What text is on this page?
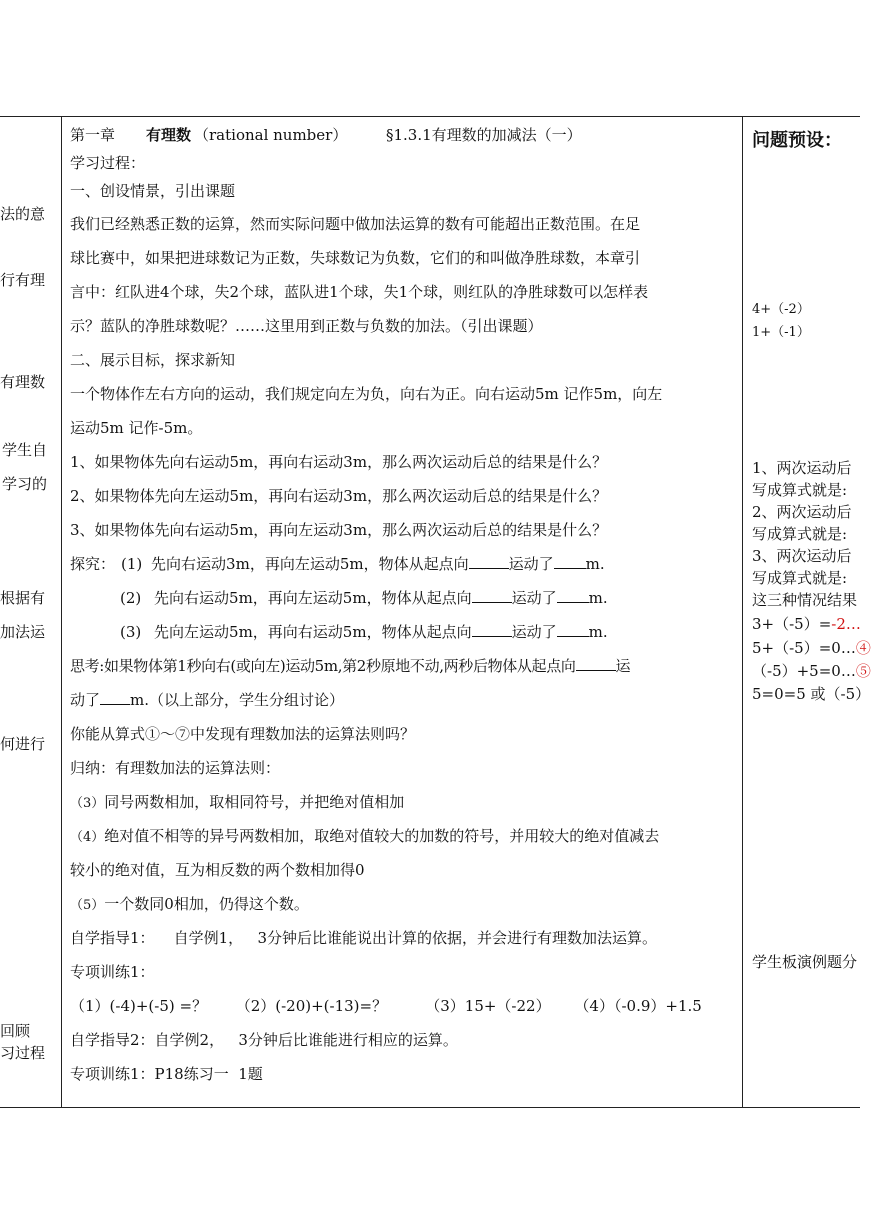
法的意
行有理
有理数
学生自
学习的
根据有
加法运
何进行
回顾
习过程
第一章 有理数 （rational number）	§1.3.1有理数的加减法（一）
学习过程：
一、创设情景，引出课题
我们已经熟悉正数的运算，然而实际问题中做加法运算的数有可能超出正数范围。在足
球比赛中，如果把进球数记为正数，失球数记为负数，它们的和叫做净胜球数，本章引
言中：红队进4个球，失2个球，蓝队进1个球，失1个球，则红队的净胜球数可以怎样表
示？蓝队的净胜球数呢？……这里用到正数与负数的加法。（引出课题）
二、展示目标，探求新知
一个物体作左右方向的运动，我们规定向左为负，向右为正。向右运动5m 记作5m，向左
运动5m 记作-5m。
1、如果物体先向右运动5m，再向右运动3m，那么两次运动后总的结果是什么？
2、如果物体先向左运动5m，再向右运动3m，那么两次运动后总的结果是什么？
3、如果物体先向右运动5m，再向左运动3m，那么两次运动后总的结果是什么？
探究： (1) 先向右运动3m，再向左运动5m，物体从起点向	运动了 m.
(2) 先向右运动5m，再向左运动5m，物体从起点向	运动了 m.
(3) 先向左运动5m，再向右运动5m，物体从起点向	运动了 m.
思考:如果物体第1秒向右(或向左)运动5m,第2秒原地不动,两秒后物体从起点向	运
动了 m.（以上部分，学生分组讨论）
你能从算式①～⑦中发现有理数加法的运算法则吗？
归纳：有理数加法的运算法则：
（3）同号两数相加，取相同符号，并把绝对值相加
（4）绝对值不相等的异号两数相加，取绝对值较大的加数的符号，并用较大的绝对值减去
较小的绝对值，互为相反数的两个数相加得0
（5）一个数同0相加，仍得这个数。
自学指导1：    自学例1，   3分钟后比谁能说出计算的依据，并会进行有理数加法运算。
专项训练1：
（1）(-4)+(-5) =？      （2）(-20)+(-13)=？        （3）15+（-22）     （4）（-0.9）+1.5
自学指导2：自学例2，   3分钟后比谁能进行相应的运算。
专项训练1：P18练习一  1题
问题预设：
4+（-2）
1+（-1）
1、两次运动后
写成算式就是:
2、两次运动后
写成算式就是:
3、两次运动后
写成算式就是:
这三种情况结果
3+（-5）=-2…
5+（-5）=0…④
（-5）+5=0…⑤
5=0=5 或（-5）
学生板演例题分
